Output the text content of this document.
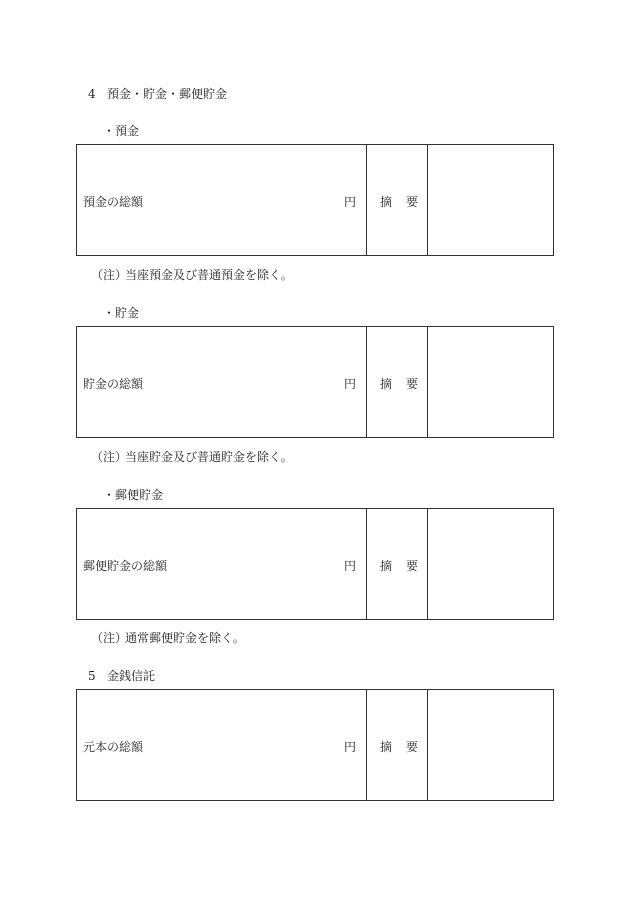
4 預金・貯金・郵便貯金
・預金
預金の総額	円 摘 要
（注）当座預金及び普通預金を除く。
・貯金
貯金の総額	円 摘 要
（注）当座貯金及び普通貯金を除く。
・郵便貯金
郵便貯金の総額	円 摘 要
（注）通常郵便貯金を除く。
5 金銭信託
元本の総額	円 摘 要
